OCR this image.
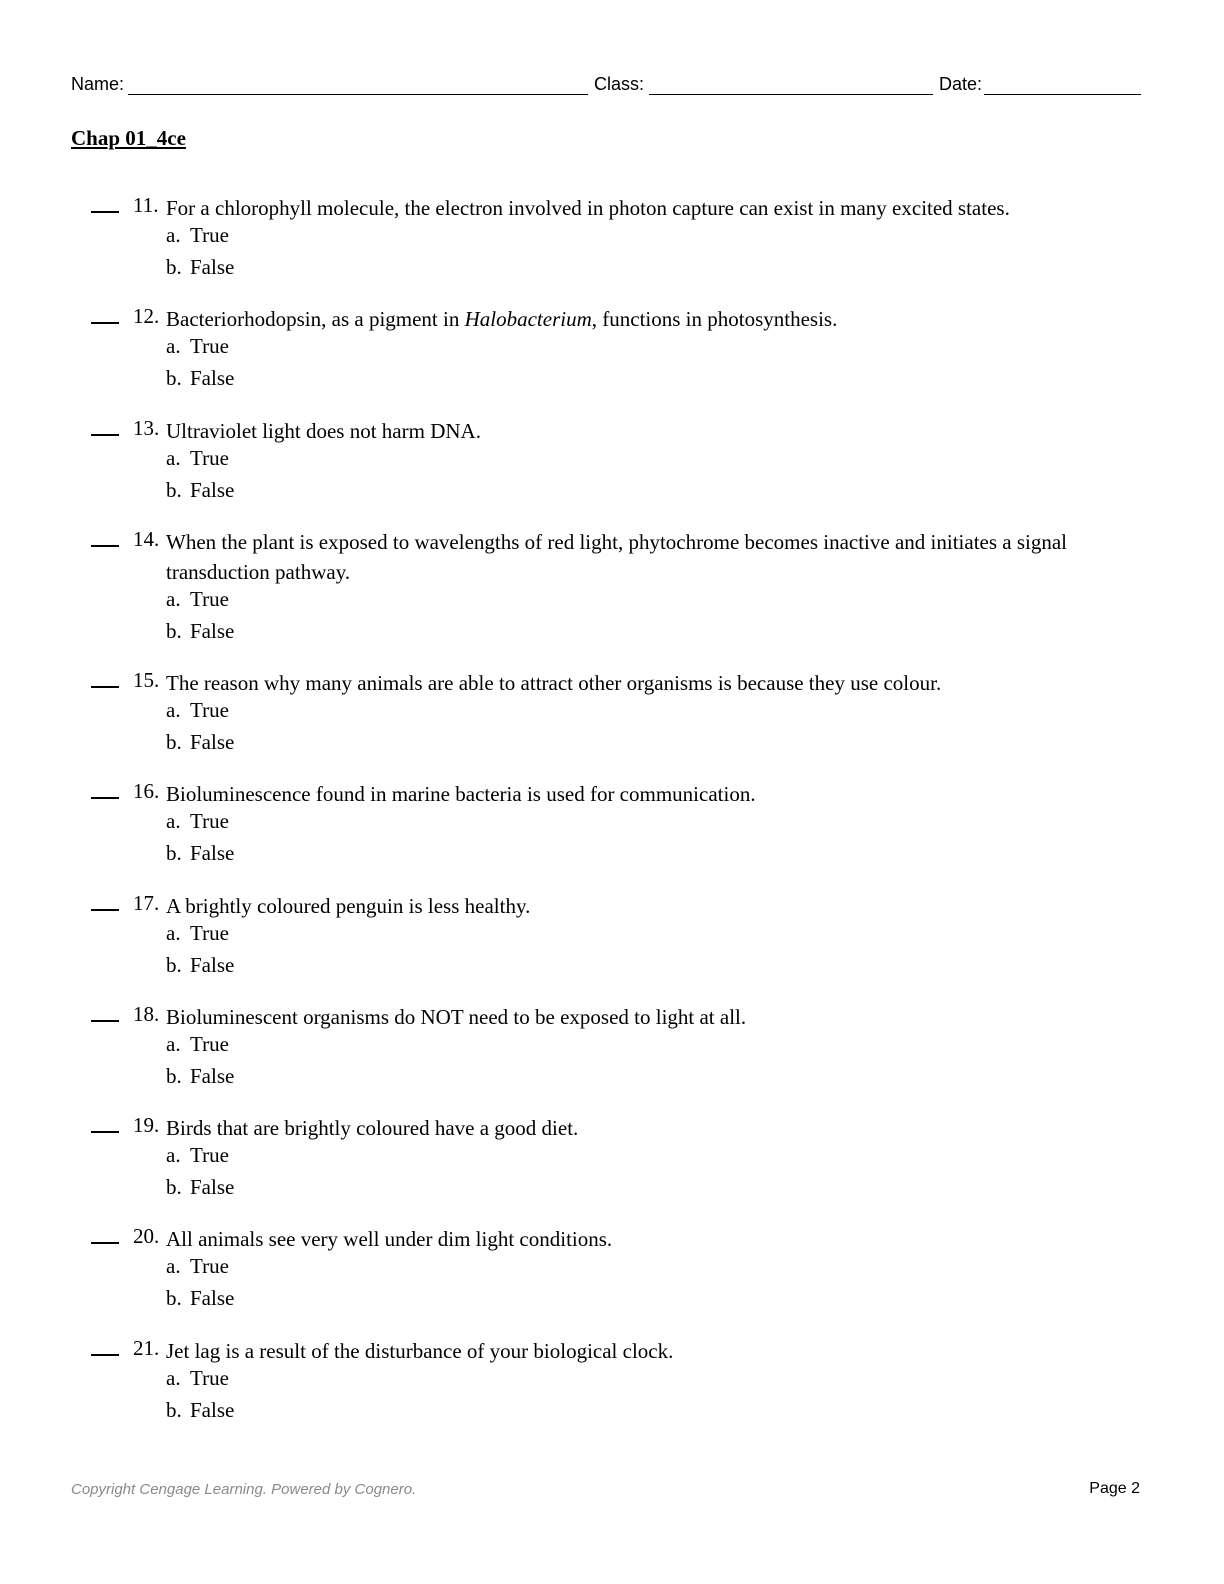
Name:	Class:	Date:
Chap 01_4ce
11. For a chlorophyll molecule, the electron involved in photon capture can exist in many excited states.
a. True
b. False
12. Bacteriorhodopsin, as a pigment in Halobacterium, functions in photosynthesis.
a. True
b. False
13. Ultraviolet light does not harm DNA.
a. True
b. False
14. When the plant is exposed to wavelengths of red light, phytochrome becomes inactive and initiates a signal transduction pathway.
a. True
b. False
15. The reason why many animals are able to attract other organisms is because they use colour.
a. True
b. False
16. Bioluminescence found in marine bacteria is used for communication.
a. True
b. False
17. A brightly coloured penguin is less healthy.
a. True
b. False
18. Bioluminescent organisms do NOT need to be exposed to light at all.
a. True
b. False
19. Birds that are brightly coloured have a good diet.
a. True
b. False
20. All animals see very well under dim light conditions.
a. True
b. False
21. Jet lag is a result of the disturbance of your biological clock.
a. True
b. False
Copyright Cengage Learning. Powered by Cognero.	Page 2
